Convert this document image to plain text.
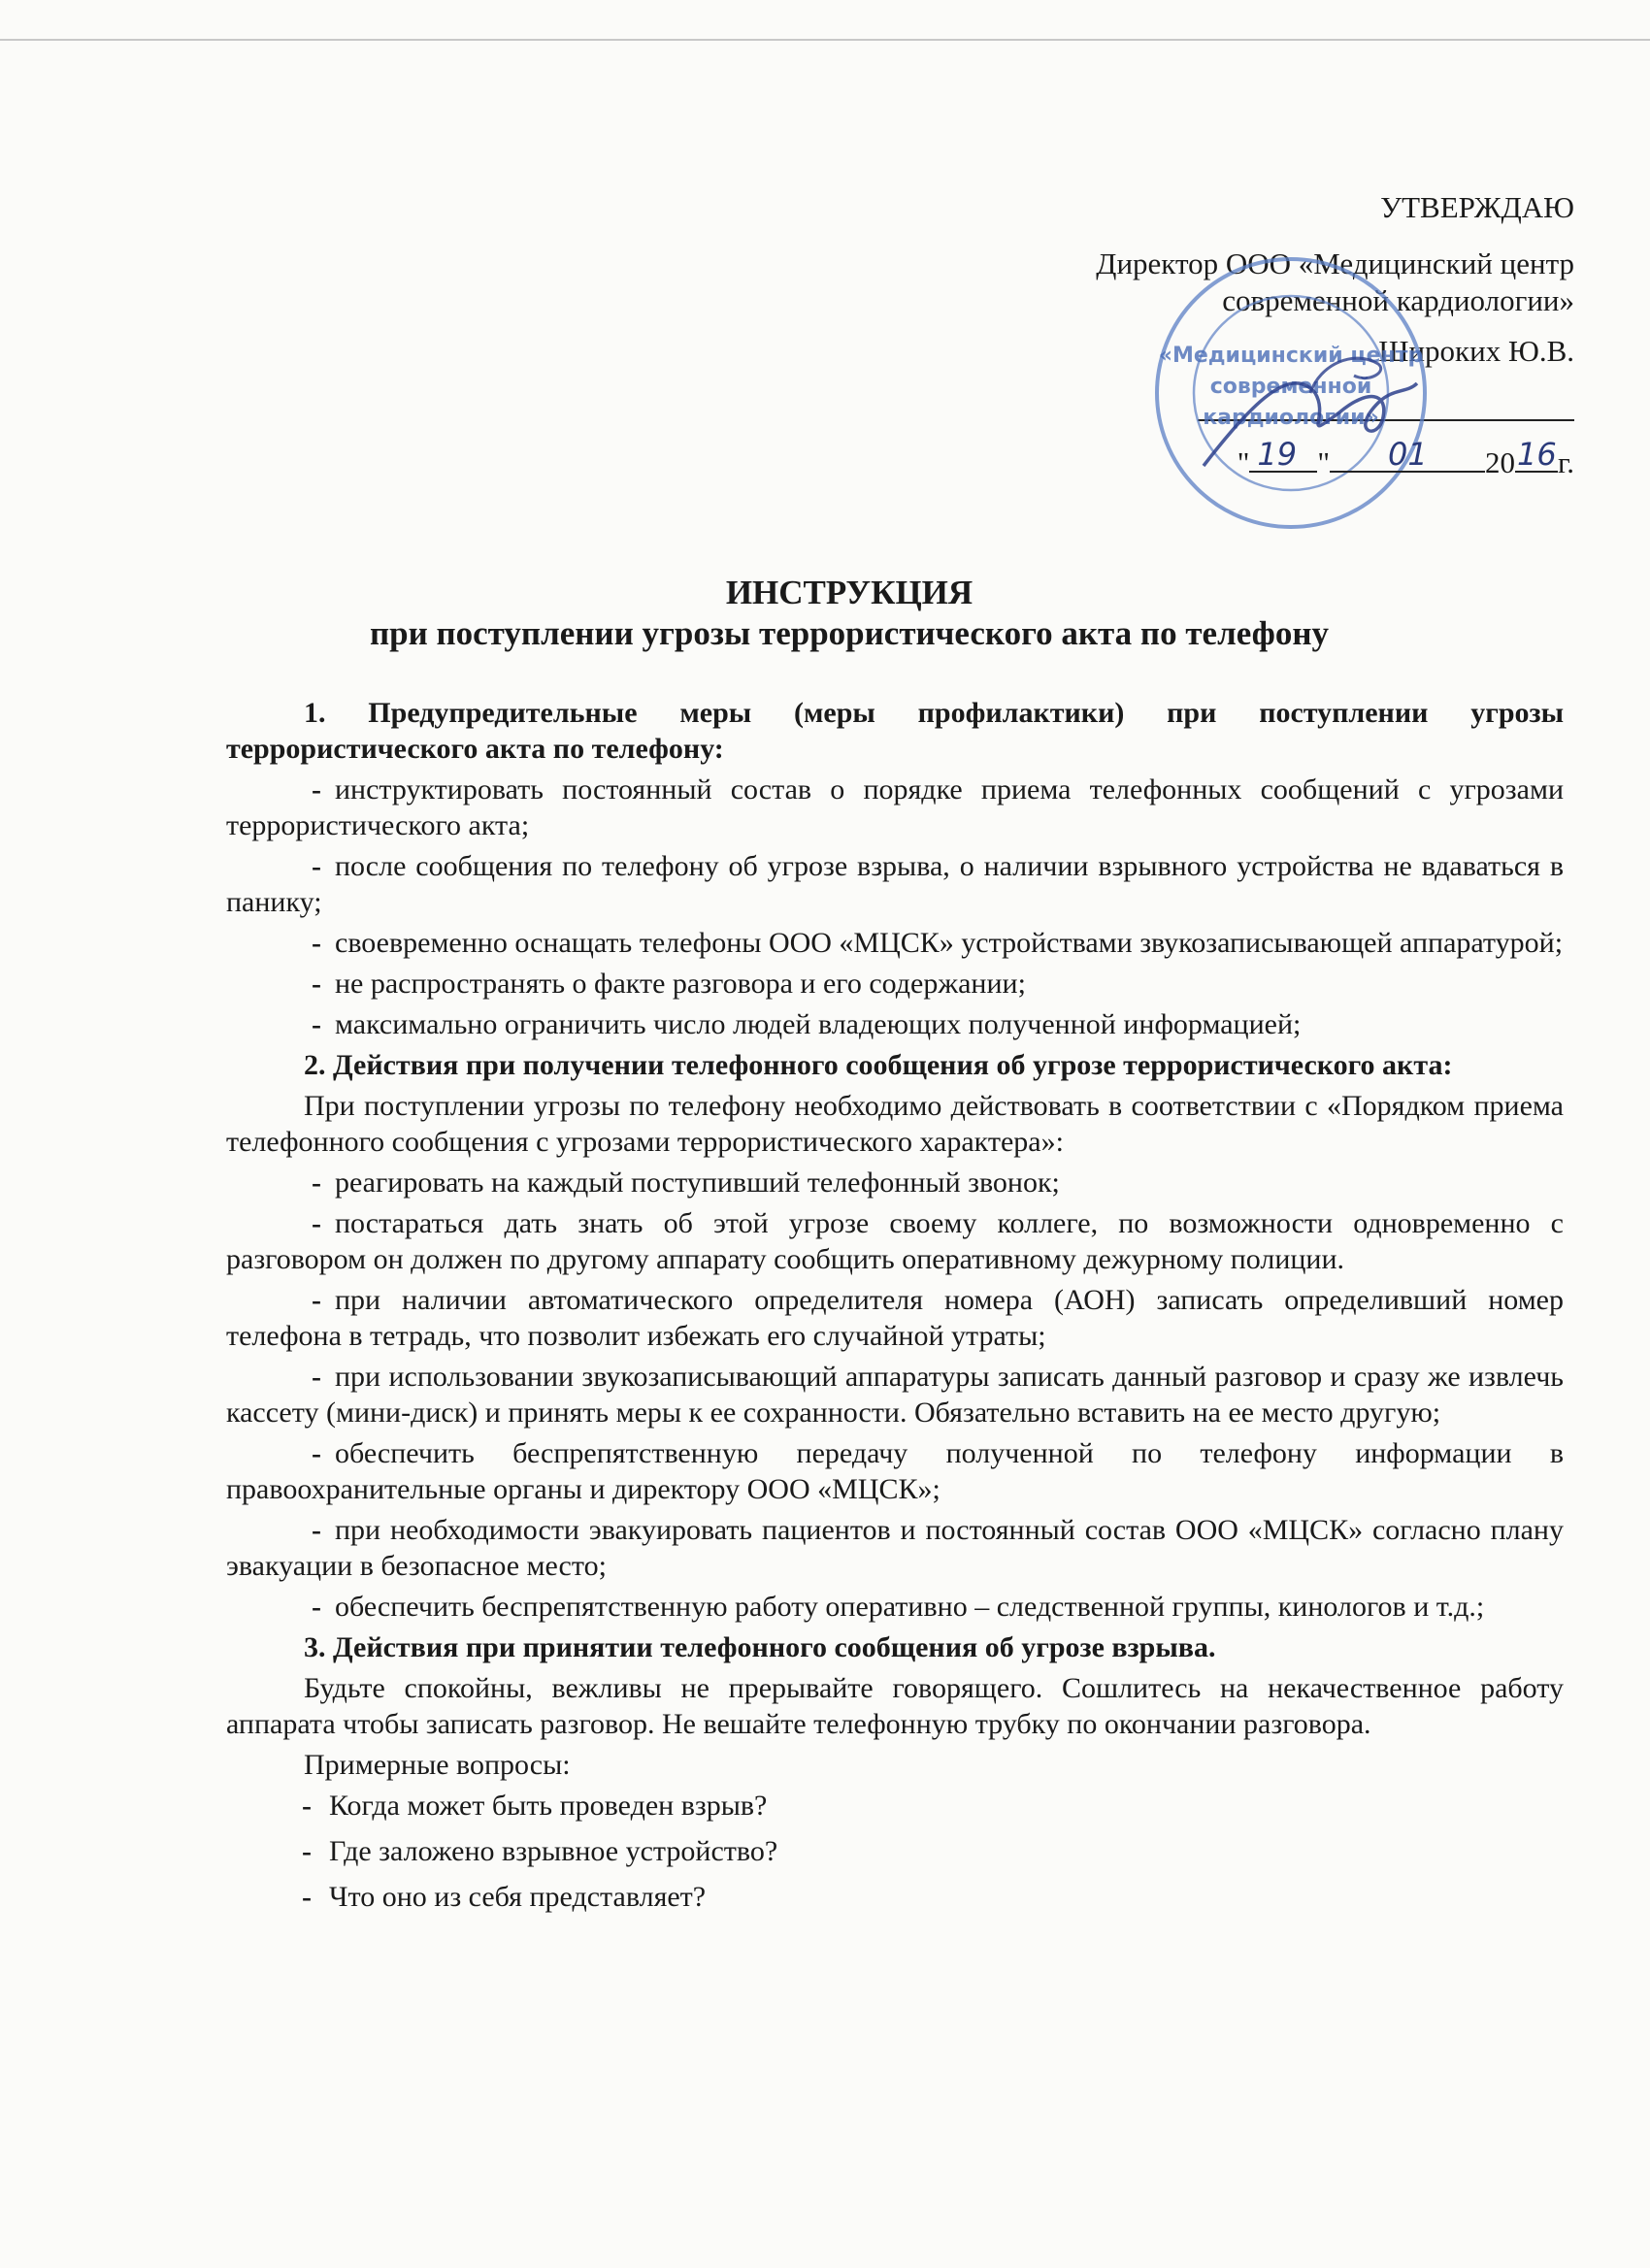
УТВЕРЖДАЮ
Директор ООО «Медицинский центр
современной кардиологии»
Широких Ю.В.
«Медицинский центр
современной
кардиологии»
" 19 " 01 20 16 г.
ИНСТРУКЦИЯ
при поступлении угрозы террористического акта по телефону

1. Предупредительные меры (меры профилактики) при поступлении угрозы террористического акта по телефону:

- инструктировать постоянный состав о порядке приема телефонных сообщений с угрозами террористического акта;

- после сообщения по телефону об угрозе взрыва, о наличии взрывного устройства не вдаваться в панику;

- своевременно оснащать телефоны ООО «МЦСК» устройствами звукозаписывающей аппаратурой;

- не распространять о факте разговора и его содержании;

- максимально ограничить число людей владеющих полученной информацией;

2. Действия при получении телефонного сообщения об угрозе террористического акта:

При поступлении угрозы по телефону необходимо действовать в соответствии с «Порядком приема телефонного сообщения с угрозами террористического характера»:

- реагировать на каждый поступивший телефонный звонок;

- постараться дать знать об этой угрозе своему коллеге, по возможности одновременно с разговором он должен по другому аппарату сообщить оперативному дежурному полиции.

- при наличии автоматического определителя номера (АОН) записать определивший номер телефона в тетрадь, что позволит избежать его случайной утраты;

- при использовании звукозаписывающий аппаратуры записать данный разговор и сразу же извлечь кассету (мини-диск) и принять меры к ее сохранности. Обязательно вставить на ее место другую;

- обеспечить беспрепятственную передачу полученной по телефону информации в правоохранительные органы и директору ООО «МЦСК»;

- при необходимости эвакуировать пациентов и постоянный состав ООО «МЦСК» согласно плану эвакуации в безопасное место;

- обеспечить беспрепятственную работу оперативно – следственной группы, кинологов и т.д.;

3. Действия при принятии телефонного сообщения об угрозе взрыва.

Будьте спокойны, вежливы не прерывайте говорящего. Сошлитесь на некачественное работу аппарата чтобы записать разговор. Не вешайте телефонную трубку по окончании разговора.

Примерные вопросы:

- Когда может быть проведен взрыв?

- Где заложено взрывное устройство?

- Что оно из себя представляет?
